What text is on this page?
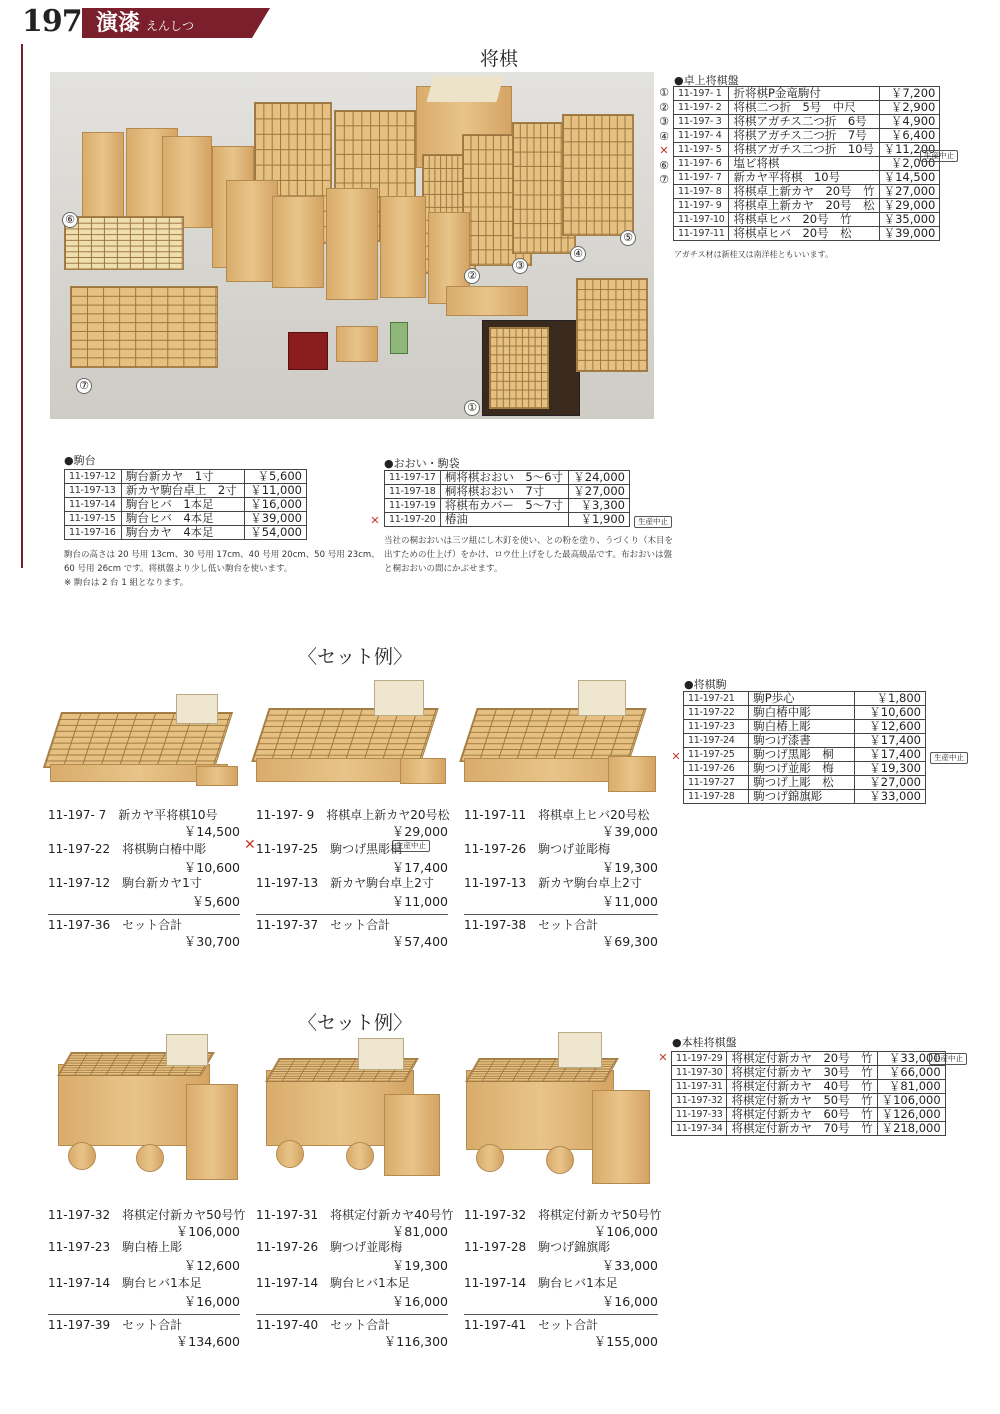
197 演漆 えんしつ
将棋
⑥
②
③
④
⑤
⑦
①
●卓上将棋盤
①
②
③
④
✕
⑥
⑦
11-197- 1	折将棋P金竜駒付	￥7,200
11-197- 2	将棋二つ折　5号　中尺	￥2,900
11-197- 3	将棋アガチス二つ折　6号	￥4,900
11-197- 4	将棋アガチス二つ折　7号	￥6,400
11-197- 5	将棋アガチス二つ折　10号	￥11,200
11-197- 6	塩ビ将棋	￥2,000
11-197- 7	新カヤ平将棋　10号	￥14,500
11-197- 8	将棋卓上新カヤ　20号　竹	￥27,000
11-197- 9	将棋卓上新カヤ　20号　松	￥29,000
11-197-10	将棋卓ヒバ　20号　竹	￥35,000
11-197-11	将棋卓ヒバ　20号　松	￥39,000
生産中止
アガチス材は新桂又は南洋桂ともいいます。
●駒台
11-197-12	駒台新カヤ　1寸	￥5,600
11-197-13	新カヤ駒台卓上　2寸	￥11,000
11-197-14	駒台ヒバ　1本足	￥16,000
11-197-15	駒台ヒバ　4本足	￥39,000
11-197-16	駒台カヤ　4本足	￥54,000
駒台の高さは 20 号用 13cm、30 号用 17cm、40 号用 20cm、50 号用 23cm、
60 号用 26cm です。将棋盤より少し低い駒台を使います。
※ 駒台は 2 台 1 組となります。
●おおい・駒袋
✕
11-197-17	桐将棋おおい　5～6寸	￥24,000
11-197-18	桐将棋おおい　7寸	￥27,000
11-197-19	将棋布カバー　5～7寸	￥3,300
11-197-20	椿油	￥1,900	生産中止
当社の桐おおいは三ツ組にし木釘を使い、との粉を塗り、うづくり（木目を
出すための仕上げ）をかけ、ロウ仕上げをした最高級品です。布おおいは盤
と桐おおいの間にかぶせます。
〈セット例〉
11-197- 7　新カヤ平将棋10号
￥14,500
11-197-22　将棋駒白椿中彫
￥10,600
11-197-12　駒台新カヤ1寸
￥5,600
11-197-36　セット合計
￥30,700
✕	生産中止
11-197- 9　将棋卓上新カヤ20号松
￥29,000
11-197-25　駒つげ黒彫桐
￥17,400
11-197-13　新カヤ駒台卓上2寸
￥11,000
11-197-37　セット合計
￥57,400
11-197-11　将棋卓上ヒバ20号松
￥39,000
11-197-26　駒つげ並彫梅
￥19,300
11-197-13　新カヤ駒台卓上2寸
￥11,000
11-197-38　セット合計
￥69,300
●将棋駒
✕
11-197-21	駒P歩心	￥1,800
11-197-22	駒白椿中彫	￥10,600
11-197-23	駒白椿上彫	￥12,600
11-197-24	駒つげ漆書	￥17,400
11-197-25	駒つげ黒彫　桐	￥17,400
11-197-26	駒つげ並彫　梅	￥19,300
11-197-27	駒つげ上彫　松	￥27,000
11-197-28	駒つげ錦旗彫	￥33,000
生産中止
〈セット例〉
11-197-32　将棋定付新カヤ50号竹
￥106,000
11-197-23　駒白椿上彫
￥12,600
11-197-14　駒台ヒバ1本足
￥16,000
11-197-39　セット合計
￥134,600
11-197-31　将棋定付新カヤ40号竹
￥81,000
11-197-26　駒つげ並彫梅
￥19,300
11-197-14　駒台ヒバ1本足
￥16,000
11-197-40　セット合計
￥116,300
11-197-32　将棋定付新カヤ50号竹
￥106,000
11-197-28　駒つげ錦旗彫
￥33,000
11-197-14　駒台ヒバ1本足
￥16,000
11-197-41　セット合計
￥155,000
●本桂将棋盤
✕ 11-197-29	将棋定付新カヤ　20号　竹	￥33,000
11-197-30	将棋定付新カヤ　30号　竹	￥66,000
11-197-31	将棋定付新カヤ　40号　竹	￥81,000
11-197-32	将棋定付新カヤ　50号　竹	￥106,000
11-197-33	将棋定付新カヤ　60号　竹	￥126,000
11-197-34	将棋定付新カヤ　70号　竹	￥218,000
生産中止
